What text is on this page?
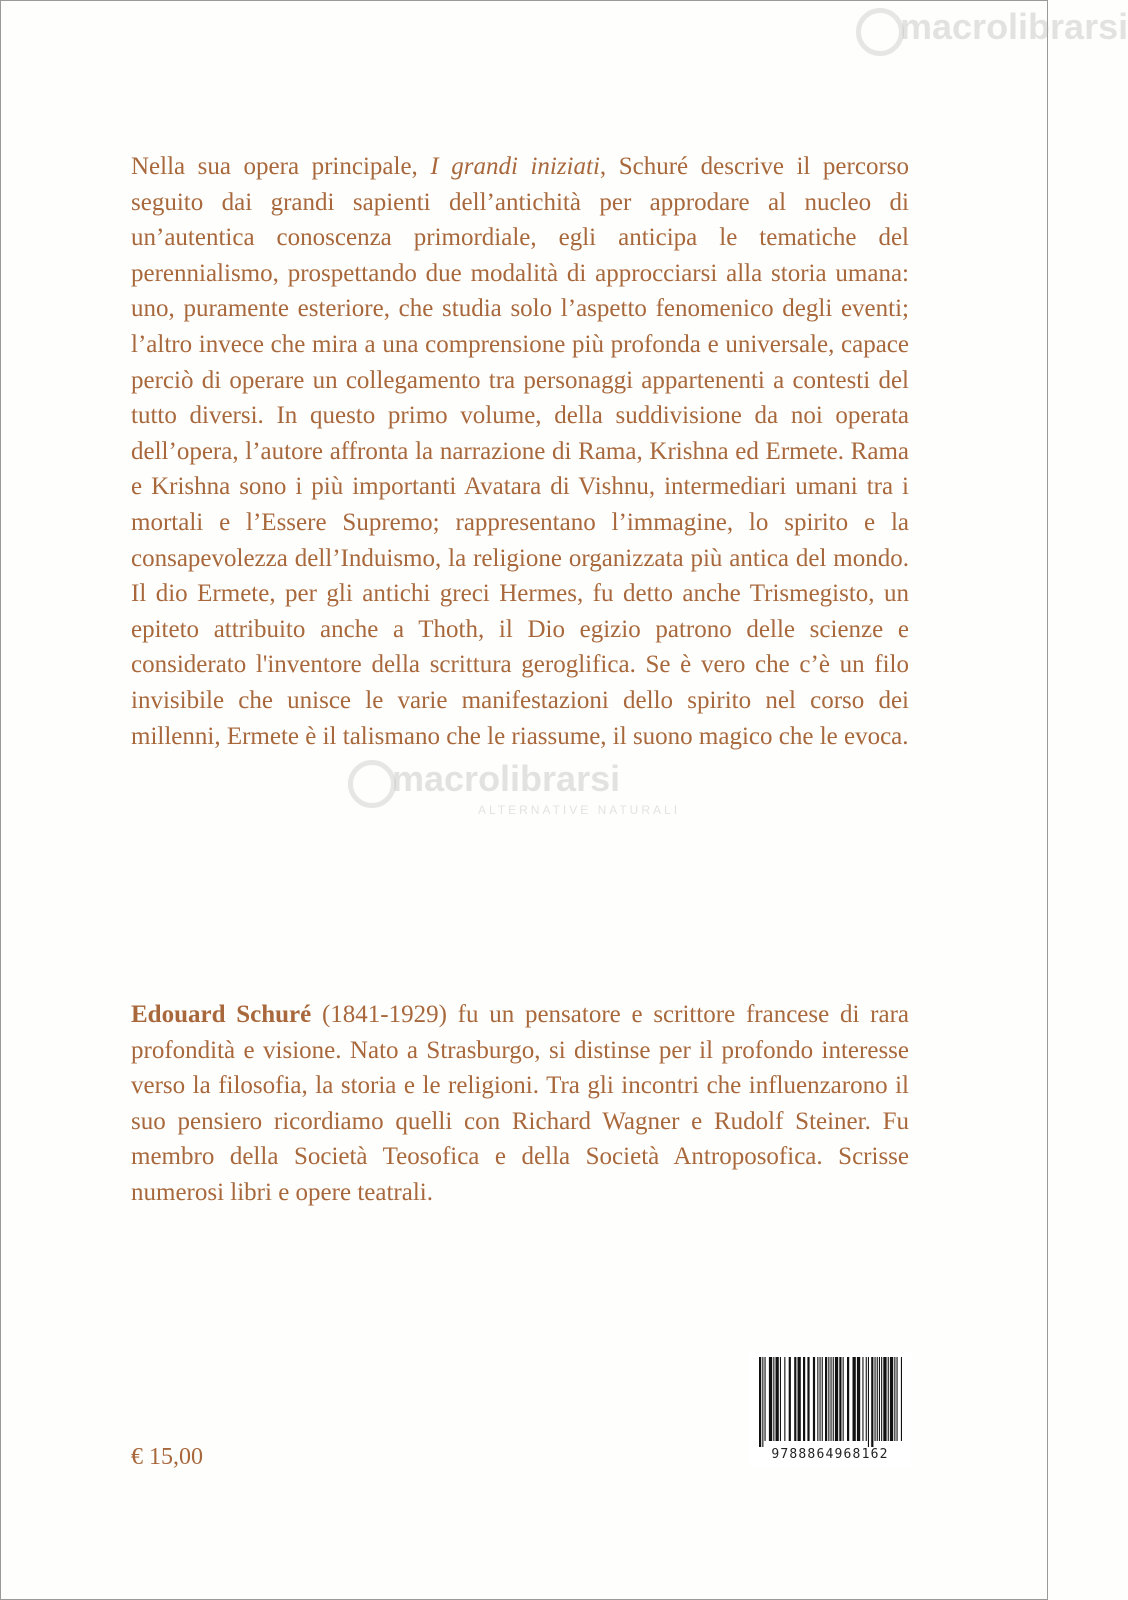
Nella sua opera principale, I grandi iniziati, Schuré descrive il percorso seguito dai grandi sapienti dell’antichità per approdare al nucleo di un’autentica conoscenza primordiale, egli anticipa le tematiche del perennialismo, prospettando due modalità di approcciarsi alla storia umana: uno, puramente esteriore, che studia solo l’aspetto fenomenico degli eventi; l’altro invece che mira a una comprensione più profonda e universale, capace perciò di operare un collegamento tra personaggi appartenenti a contesti del tutto diversi. In questo primo volume, della suddivisione da noi operata dell’opera, l’autore affronta la narrazione di Rama, Krishna ed Ermete. Rama e Krishna sono i più importanti Avatara di Vishnu, intermediari umani tra i mortali e l’Essere Supremo; rappresentano l’immagine, lo spirito e la consapevolezza dell’Induismo, la religione organizzata più antica del mondo. Il dio Ermete, per gli antichi greci Hermes, fu detto anche Trismegisto, un epiteto attribuito anche a Thoth, il Dio egizio patrono delle scienze e considerato l'inventore della scrittura geroglifica. Se è vero che c’è un filo invisibile che unisce le varie manifestazioni dello spirito nel corso dei millenni, Ermete è il talismano che le riassume, il suono magico che le evoca.

Edouard Schuré (1841-1929) fu un pensatore e scrittore francese di rara profondità e visione. Nato a Strasburgo, si distinse per il profondo interesse verso la filosofia, la storia e le religioni. Tra gli incontri che influenzarono il suo pensiero ricordiamo quelli con Richard Wagner e Rudolf Steiner. Fu membro della Società Teosofica e della Società Antroposofica. Scrisse numerosi libri e opere teatrali.

€ 15,00	9788864968162
macrolibrarsi
macrolibrarsi
ALTERNATIVE NATURALI
